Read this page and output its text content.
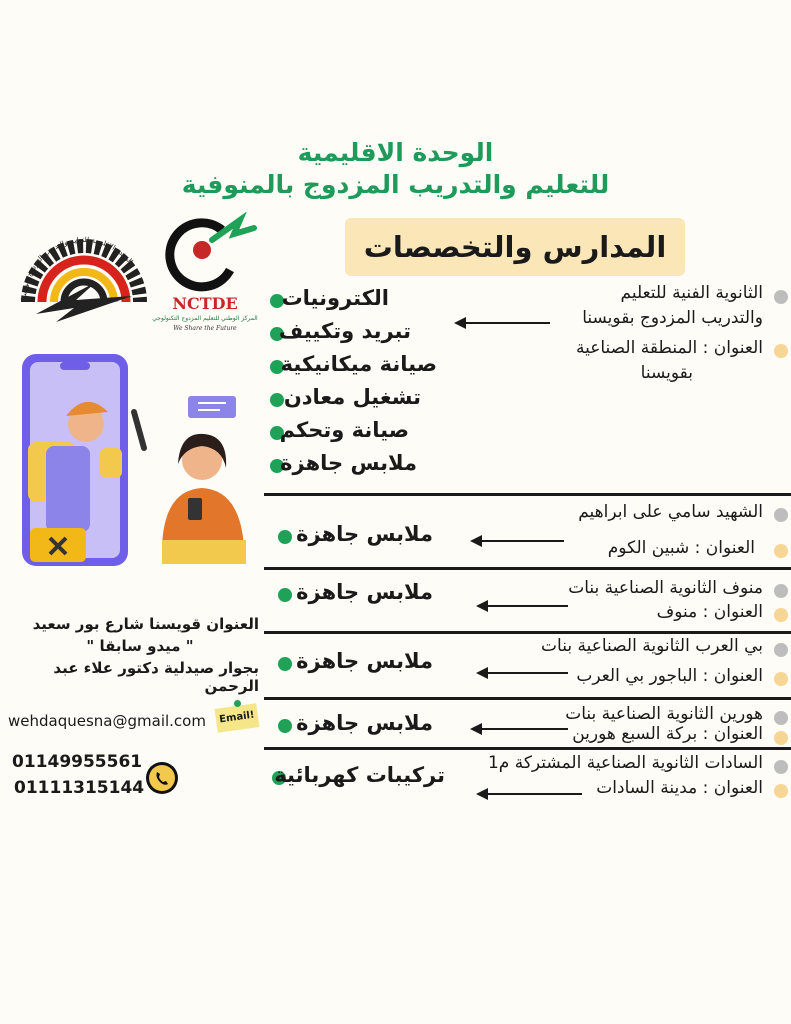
الوحدة الاقليمية
للتعليم والتدريب المزدوج بالمنوفية
المدارس والتخصصات
الوحدة الإقليمية للتعليم والتدريب المزدوج بقويسنا
NCTDE
المركز الوطني للتعليم المزدوج التكنولوجي
We Share the Future
الثانوية الفنية للتعليم
والتدريب المزدوج بقويسنا
العنوان : المنطقة الصناعية
بقويسنا
الكترونيات
تبريد وتكييف
صيانة ميكانيكية
تشغيل معادن
صيانة وتحكم
ملابس جاهزة
الشهيد سامي على ابراهيم
العنوان : شبين الكوم
ملابس جاهزة
منوف الثانوية الصناعية بنات
العنوان : منوف
ملابس جاهزة
بي العرب الثانوية الصناعية بنات
العنوان : الباجور بي العرب
ملابس جاهزة
هورين الثانوية الصناعية بنات
العنوان : بركة السبع هورين
ملابس جاهزة
السادات الثانوية الصناعية المشتركة م1
العنوان : مدينة السادات
تركيبات كهربائية
العنوان قويسنا شارع بور سعيد
" ميدو سابقا "
بجوار صيدلية دكتور علاء عبد الرحمن
wehdaquesna@gmail.com	Email!
01149955561
01111315144
